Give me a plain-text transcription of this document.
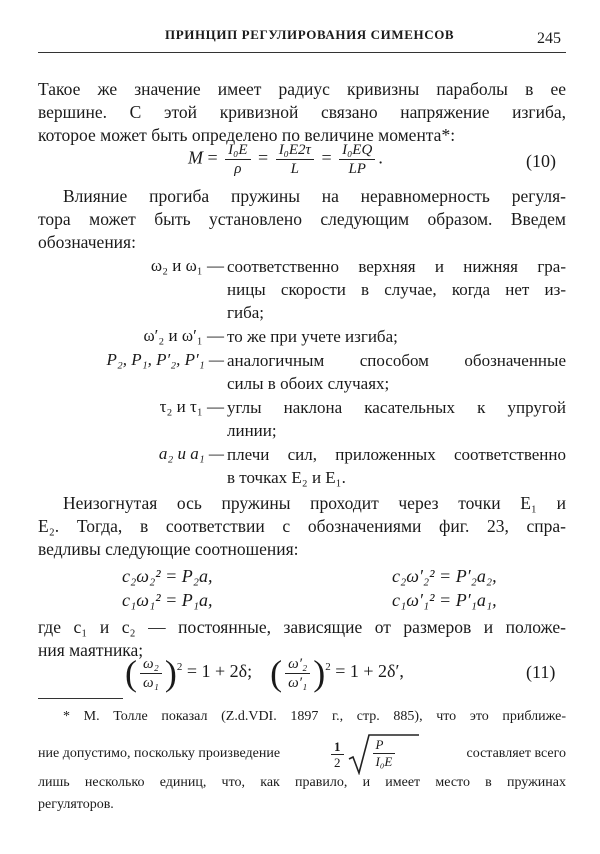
ПРИНЦИП РЕГУЛИРОВАНИЯ СИМЕНСОВ	245
Такое же значение имеет радиус кривизны параболы в ее
вершине. С этой кривизной связано напряжение изгиба,
которое может быть определено по величине момента*:
$M = \frac{\text{I₀E}}{\rho} = \frac{\text{I₀E2τ}}{L} = \frac{\text{I₀EQ}}{LP}$ .	(10)
Влияние прогиба пружины на неравномерность регуля-
тора может быть установлено следующим образом. Введем
обозначения:
ω₂ и ω₁ — соответственно верхняя и нижняя гра-
ницы скорости в случае, когда нет из-
гиба;
ω′₂ и ω′₁ — то же при учете изгиба;
P₂, P₁, P′₂, P′₁ — аналогичным способом обозначенные
силы в обоих случаях;
τ₂ и τ₁ — углы наклона касательных к упругой
линии;
a₂ и a₁ — плечи сил, приложенных соответственно
в точках E₂ и E₁.
Неизогнутая ось пружины проходит через точки E₁ и
E₂. Тогда, в соответствии с обозначениями фиг. 23, спра-
ведливы следующие соотношения:
c₂ω₂² = P₂a,	c₂ω′₂² = P′₂a₂,
c₁ω₁² = P₁a,	c₁ω′₁² = P′₁a₁,
где c₁ и c₂ — постоянные, зависящие от размеров и положе-
ния маятника;
( $\frac{\text{ω₂}}{\text{ω₁}} )^2 = 1 + 2\delta$; ( $\frac{\text{ω′₂}}{\text{ω′₁}} )^2 = 1 + 2\delta'$,	(11)
* М. Толле показал (Z.d.VDI. 1897 г., стр. 885), что это приближе-
ние допустимо, поскольку произведение	$\frac{1}{2} \frac{P}{\text{I₀E}}$	составляет всего
лишь несколько единиц, что, как правило, и имеет место в пружинах
регуляторов.
